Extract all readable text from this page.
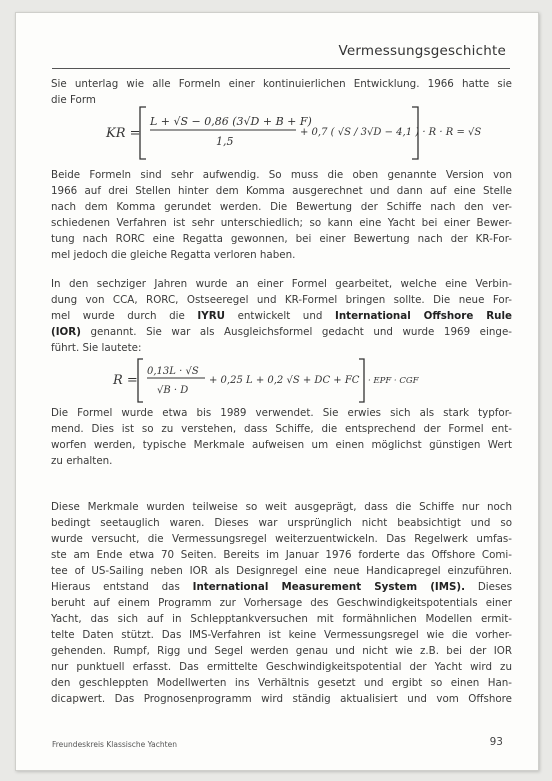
Vermessungsgeschichte
Sie unterlag wie alle Formeln einer kontinuierlichen Entwicklung. 1966 hatte sie
die Form
KR =
L + √S − 0,86 (3√D + B + F)
1,5
+ 0,7 ( √S / 3√D − 4,1 ) · R · R = √S
Beide Formeln sind sehr aufwendig. So muss die oben genannte Version von
1966 auf drei Stellen hinter dem Komma ausgerechnet und dann auf eine Stelle
nach dem Komma gerundet werden. Die Bewertung der Schiffe nach den ver-
schiedenen Verfahren ist sehr unterschiedlich; so kann eine Yacht bei einer Bewer-
tung nach RORC eine Regatta gewonnen, bei einer Bewertung nach der KR-For-
mel jedoch die gleiche Regatta verloren haben.
In den sechziger Jahren wurde an einer Formel gearbeitet, welche eine Verbin-
dung von CCA, RORC, Ostseeregel und KR-Formel bringen sollte. Die neue For-
mel wurde durch die IYRU entwickelt und International Offshore Rule
(IOR) genannt. Sie war als Ausgleichsformel gedacht und wurde 1969 einge-
führt. Sie lautete:
R =
0,13L · √S
√B · D
+ 0,25 L + 0,2 √S + DC + FC · EPF · CGF
Die Formel wurde etwa bis 1989 verwendet. Sie erwies sich als stark typfor-
mend. Dies ist so zu verstehen, dass Schiffe, die entsprechend der Formel ent-
worfen werden, typische Merkmale aufweisen um einen möglichst günstigen Wert
zu erhalten.
Diese Merkmale wurden teilweise so weit ausgeprägt, dass die Schiffe nur noch
bedingt seetauglich waren. Dieses war ursprünglich nicht beabsichtigt und so
wurde versucht, die Vermessungsregel weiterzuentwickeln. Das Regelwerk umfas-
ste am Ende etwa 70 Seiten. Bereits im Januar 1976 forderte das Offshore Comi-
tee of US-Sailing neben IOR als Designregel eine neue Handicapregel einzuführen.
Hieraus entstand das International Measurement System (IMS). Dieses
beruht auf einem Programm zur Vorhersage des Geschwindigkeitspotentials einer
Yacht, das sich auf in Schlepptankversuchen mit formähnlichen Modellen ermit-
telte Daten stützt. Das IMS-Verfahren ist keine Vermessungsregel wie die vorher-
gehenden. Rumpf, Rigg und Segel werden genau und nicht wie z.B. bei der IOR
nur punktuell erfasst. Das ermittelte Geschwindigkeitspotential der Yacht wird zu
den geschleppten Modellwerten ins Verhältnis gesetzt und ergibt so einen Han-
dicapwert. Das Prognosenprogramm wird ständig aktualisiert und vom Offshore
Freundeskreis Klassische Yachten	93
